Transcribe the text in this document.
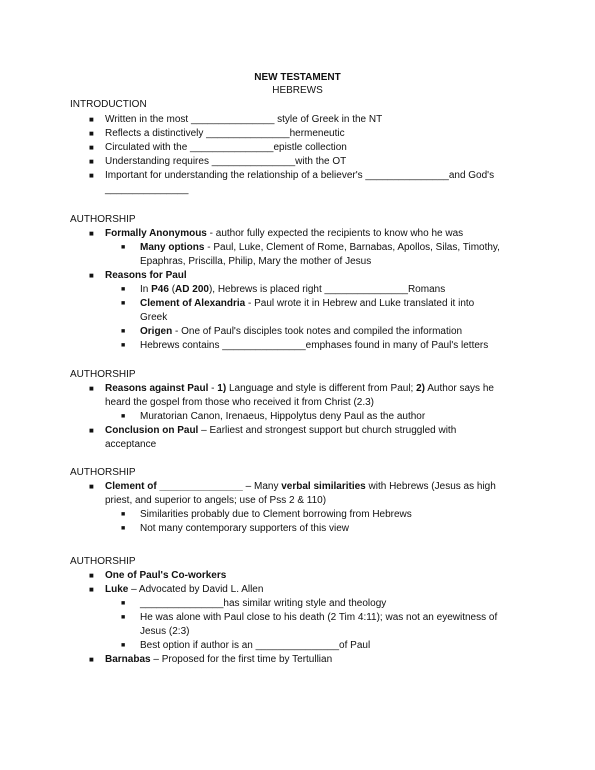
NEW TESTAMENT
HEBREWS
INTRODUCTION
■ Written in the most _______________ style of Greek in the NT
■ Reflects a distinctively _______________hermeneutic
■ Circulated with the _______________epistle collection
■ Understanding requires _______________with the OT
■ Important for understanding the relationship of a believer's _______________and God's
_______________
AUTHORSHIP
■ Formally Anonymous - author fully expected the recipients to know who he was
■ Many options - Paul, Luke, Clement of Rome, Barnabas, Apollos, Silas, Timothy,
Epaphras, Priscilla, Philip, Mary the mother of Jesus
■ Reasons for Paul
■ In P46 (AD 200), Hebrews is placed right _______________Romans
■ Clement of Alexandria - Paul wrote it in Hebrew and Luke translated it into
Greek
■ Origen - One of Paul's disciples took notes and compiled the information
■ Hebrews contains _______________emphases found in many of Paul's letters
AUTHORSHIP
■ Reasons against Paul - 1) Language and style is different from Paul; 2) Author says he
heard the gospel from those who received it from Christ (2.3)
■ Muratorian Canon, Irenaeus, Hippolytus deny Paul as the author
■ Conclusion on Paul – Earliest and strongest support but church struggled with
acceptance
AUTHORSHIP
■ Clement of _______________ – Many verbal similarities with Hebrews (Jesus as high
priest, and superior to angels; use of Pss 2 & 110)
■ Similarities probably due to Clement borrowing from Hebrews
■ Not many contemporary supporters of this view
AUTHORSHIP
■ One of Paul's Co-workers
■ Luke – Advocated by David L. Allen
■ _______________has similar writing style and theology
■ He was alone with Paul close to his death (2 Tim 4:11); was not an eyewitness of
Jesus (2:3)
■ Best option if author is an _______________of Paul
■ Barnabas – Proposed for the first time by Tertullian
